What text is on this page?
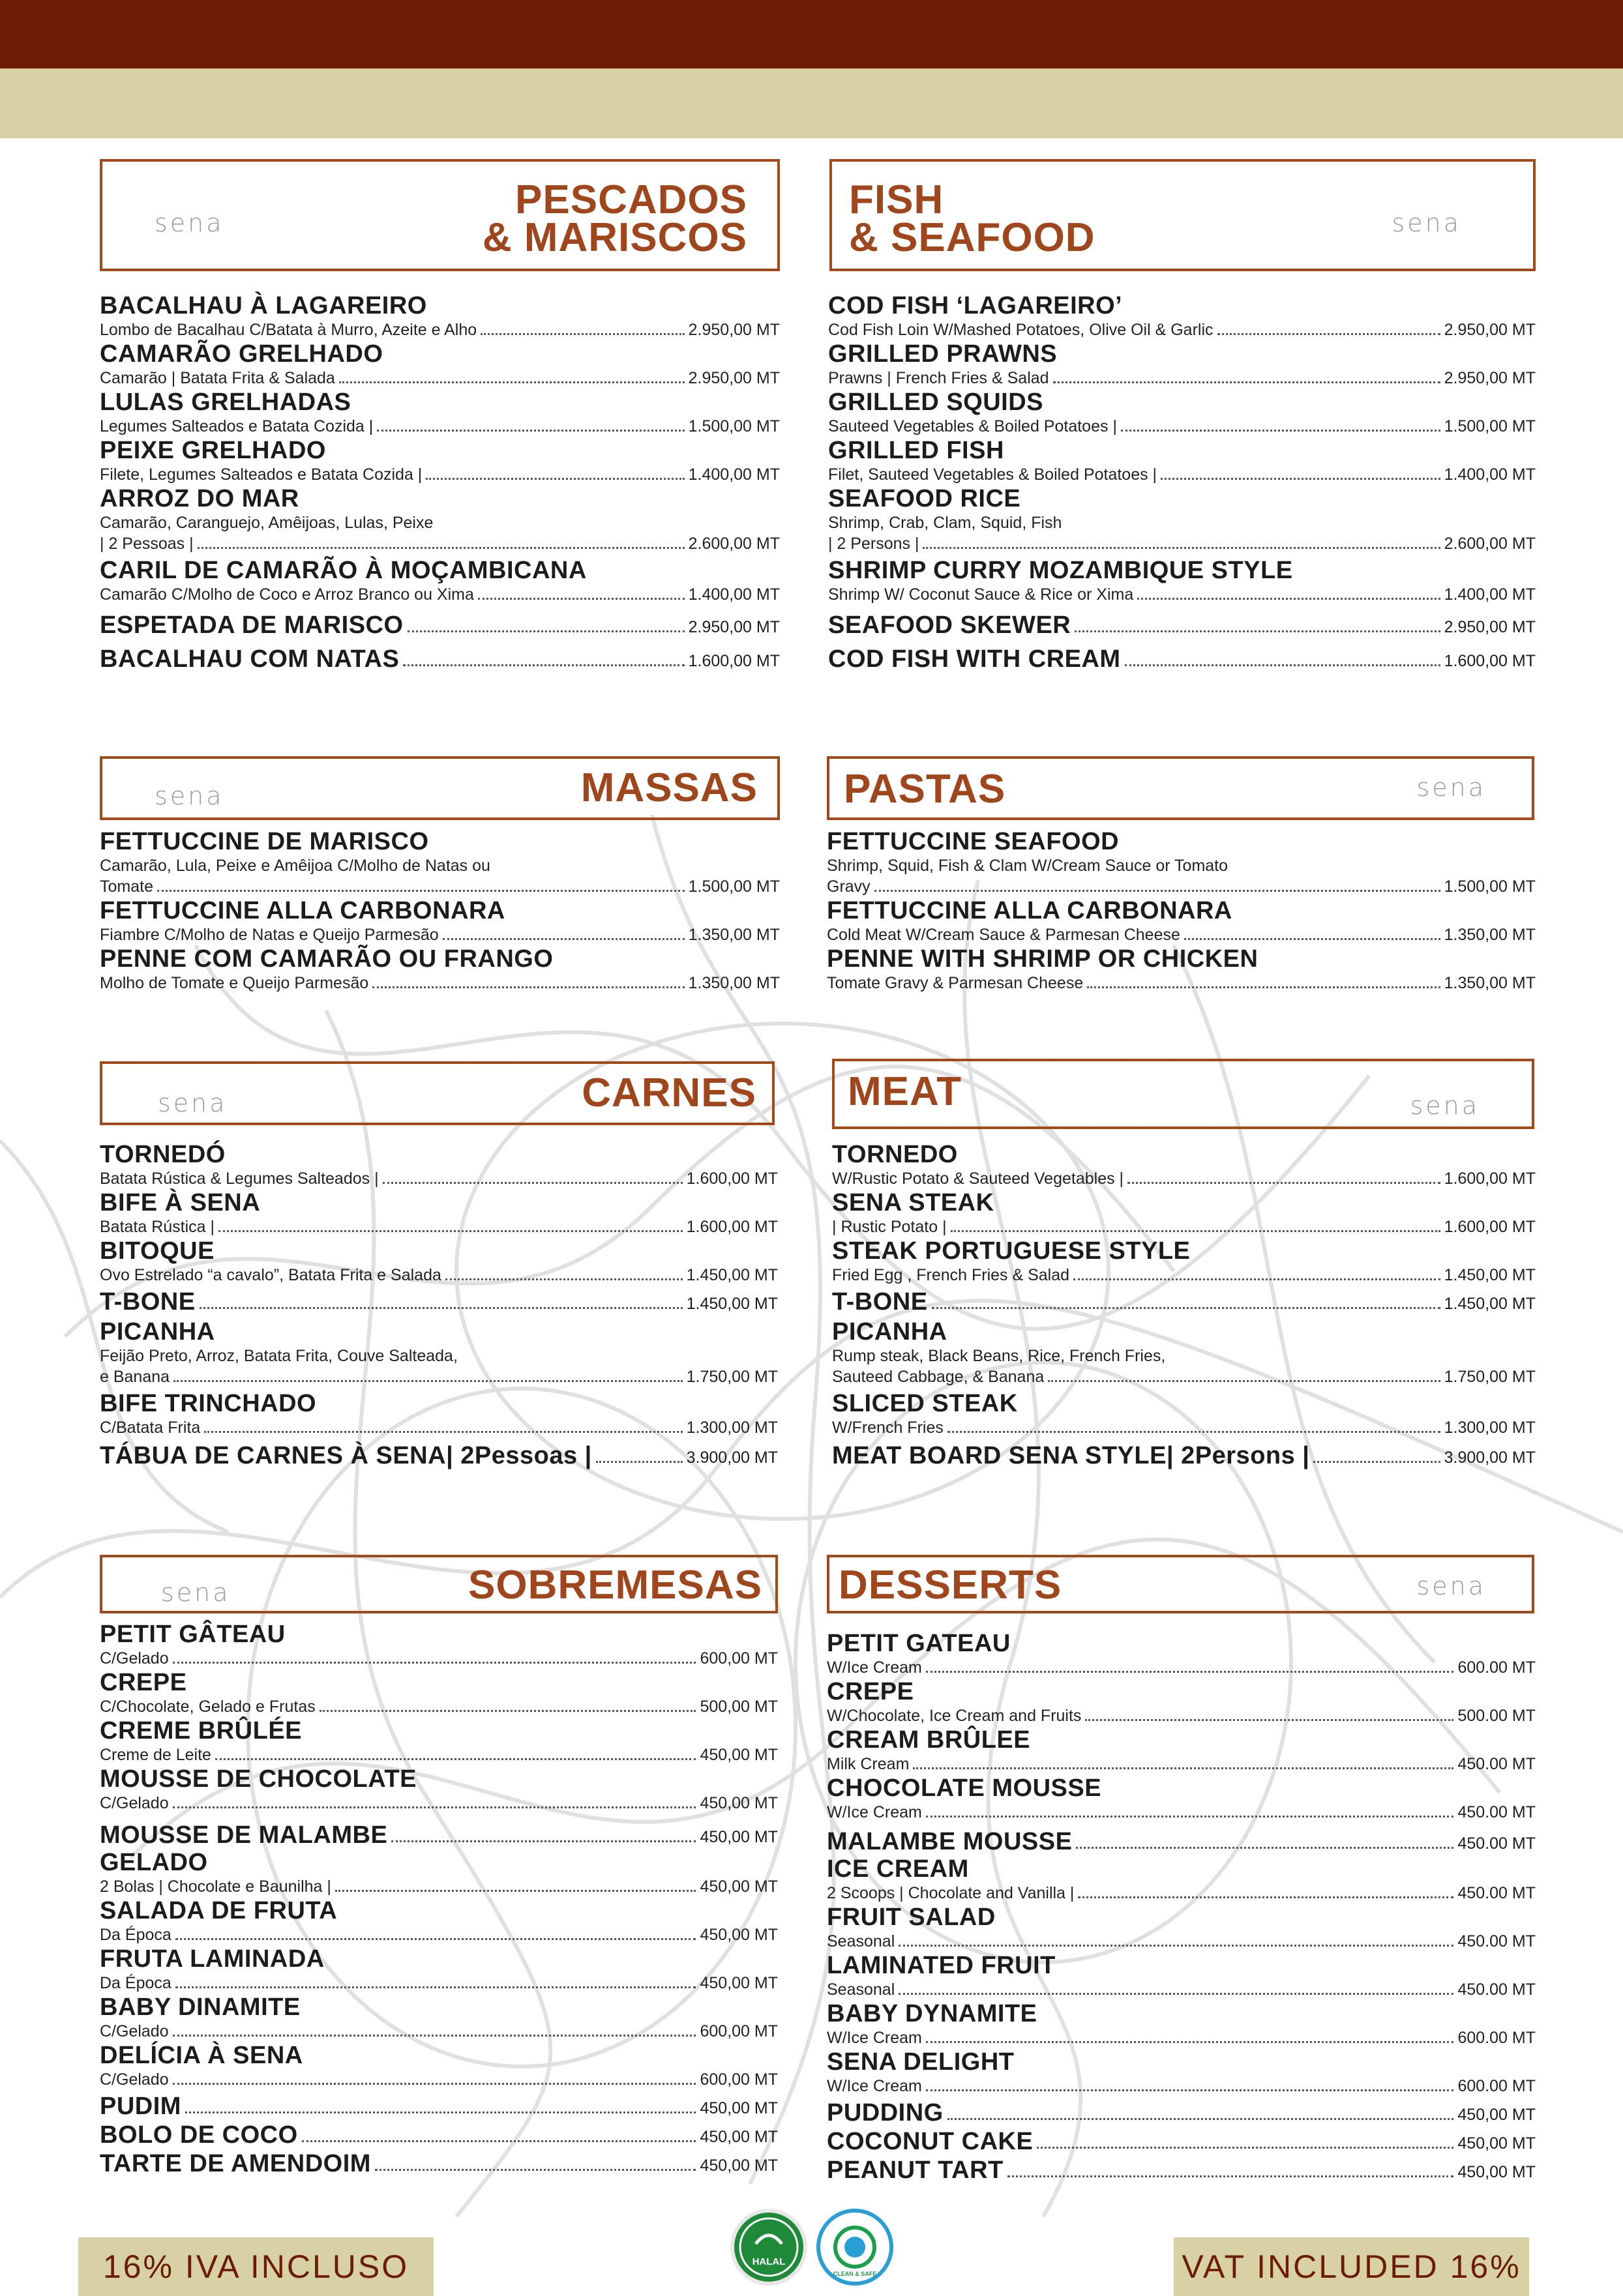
sena
PESCADOS
& MARISCOS
BACALHAU À LAGAREIRO
Lombo de Bacalhau C/Batata à Murro, Azeite e Alho	2.950,00 MT
CAMARÃO GRELHADO
Camarão | Batata Frita & Salada	2.950,00 MT
LULAS GRELHADAS
Legumes Salteados e Batata Cozida |	1.500,00 MT
PEIXE GRELHADO
Filete, Legumes Salteados e Batata Cozida |	1.400,00 MT
ARROZ DO MAR
Camarão, Caranguejo, Amêijoas, Lulas, Peixe
| 2 Pessoas |	2.600,00 MT
CARIL DE CAMARÃO À MOÇAMBICANA
Camarão C/Molho de Coco e Arroz Branco ou Xima	1.400,00 MT
ESPETADA DE MARISCO	2.950,00 MT
BACALHAU COM NATAS	1.600,00 MT
sena	MASSAS
FETTUCCINE DE MARISCO
Camarão, Lula, Peixe e Amêijoa C/Molho de Natas ou
Tomate	1.500,00 MT
FETTUCCINE ALLA CARBONARA
Fiambre C/Molho de Natas e Queijo Parmesão	1.350,00 MT
PENNE COM CAMARÃO OU FRANGO
Molho de Tomate e Queijo Parmesão	1.350,00 MT
sena	CARNES
TORNEDÓ
Batata Rústica & Legumes Salteados |	1.600,00 MT
BIFE À SENA
Batata Rústica |	1.600,00 MT
BITOQUE
Ovo Estrelado “a cavalo”, Batata Frita e Salada	1.450,00 MT
T-BONE	1.450,00 MT
PICANHA
Feijão Preto, Arroz, Batata Frita, Couve Salteada,
e Banana	1.750,00 MT
BIFE TRINCHADO
C/Batata Frita	1.300,00 MT
TÁBUA DE CARNES À SENA | 2Pessoas |	3.900,00 MT
sena	SOBREMESAS
PETIT GÂTEAU
C/Gelado	600,00 MT
CREPE
C/Chocolate, Gelado e Frutas	500,00 MT
CREME BRÛLÉE
Creme de Leite	450,00 MT
MOUSSE DE CHOCOLATE
C/Gelado	450,00 MT
MOUSSE DE MALAMBE	450,00 MT
GELADO
2 Bolas | Chocolate e Baunilha |	450,00 MT
SALADA DE FRUTA
Da Época	450,00 MT
FRUTA LAMINADA
Da Época	450,00 MT
BABY DINAMITE
C/Gelado	600,00 MT
DELÍCIA À SENA
C/Gelado	600,00 MT
PUDIM	450,00 MT
BOLO DE COCO	450,00 MT
TARTE DE AMENDOIM	450,00 MT
FISH
& SEAFOOD	sena
COD FISH ‘LAGAREIRO’
Cod Fish Loin W/Mashed Potatoes, Olive Oil & Garlic	2.950,00 MT
GRILLED PRAWNS
Prawns | French Fries & Salad	2.950,00 MT
GRILLED SQUIDS
Sauteed Vegetables & Boiled Potatoes |	1.500,00 MT
GRILLED FISH
Filet, Sauteed Vegetables & Boiled Potatoes |	1.400,00 MT
SEAFOOD RICE
Shrimp, Crab, Clam, Squid, Fish
| 2 Persons |	2.600,00 MT
SHRIMP CURRY MOZAMBIQUE STYLE
Shrimp W/ Coconut Sauce & Rice or Xima	1.400,00 MT
SEAFOOD SKEWER	2.950,00 MT
COD FISH WITH CREAM	1.600,00 MT
PASTAS	sena
FETTUCCINE SEAFOOD
Shrimp, Squid, Fish & Clam W/Cream Sauce or Tomato
Gravy	1.500,00 MT
FETTUCCINE ALLA CARBONARA
Cold Meat W/Cream Sauce & Parmesan Cheese	1.350,00 MT
PENNE WITH SHRIMP OR CHICKEN
Tomate Gravy & Parmesan Cheese	1.350,00 MT
MEAT	sena
TORNEDO
W/Rustic Potato & Sauteed Vegetables |	1.600,00 MT
SENA STEAK
| Rustic Potato |	1.600,00 MT
STEAK PORTUGUESE STYLE
Fried Egg , French Fries & Salad	1.450,00 MT
T-BONE	1.450,00 MT
PICANHA
Rump steak, Black Beans, Rice, French Fries,
Sauteed Cabbage, & Banana	1.750,00 MT
SLICED STEAK
W/French Fries	1.300,00 MT
MEAT BOARD SENA STYLE | 2Persons |	3.900,00 MT
DESSERTS	sena
PETIT GATEAU
W/Ice Cream	600.00 MT
CREPE
W/Chocolate, Ice Cream and Fruits	500.00 MT
CREAM BRÛLEE
Milk Cream	450.00 MT
CHOCOLATE MOUSSE
W/Ice Cream	450.00 MT
MALAMBE MOUSSE	450.00 MT
ICE CREAM
2 Scoops | Chocolate and Vanilla |	450.00 MT
FRUIT SALAD
Seasonal	450.00 MT
LAMINATED FRUIT
Seasonal	450.00 MT
BABY DYNAMITE
W/Ice Cream	600.00 MT
SENA DELIGHT
W/Ice Cream	600.00 MT
PUDDING	450,00 MT
COCONUT CAKE	450,00 MT
PEANUT TART	450,00 MT
16% IVA INCLUSO	VAT INCLUDED 16%
HALAL
CLEAN & SAFE
